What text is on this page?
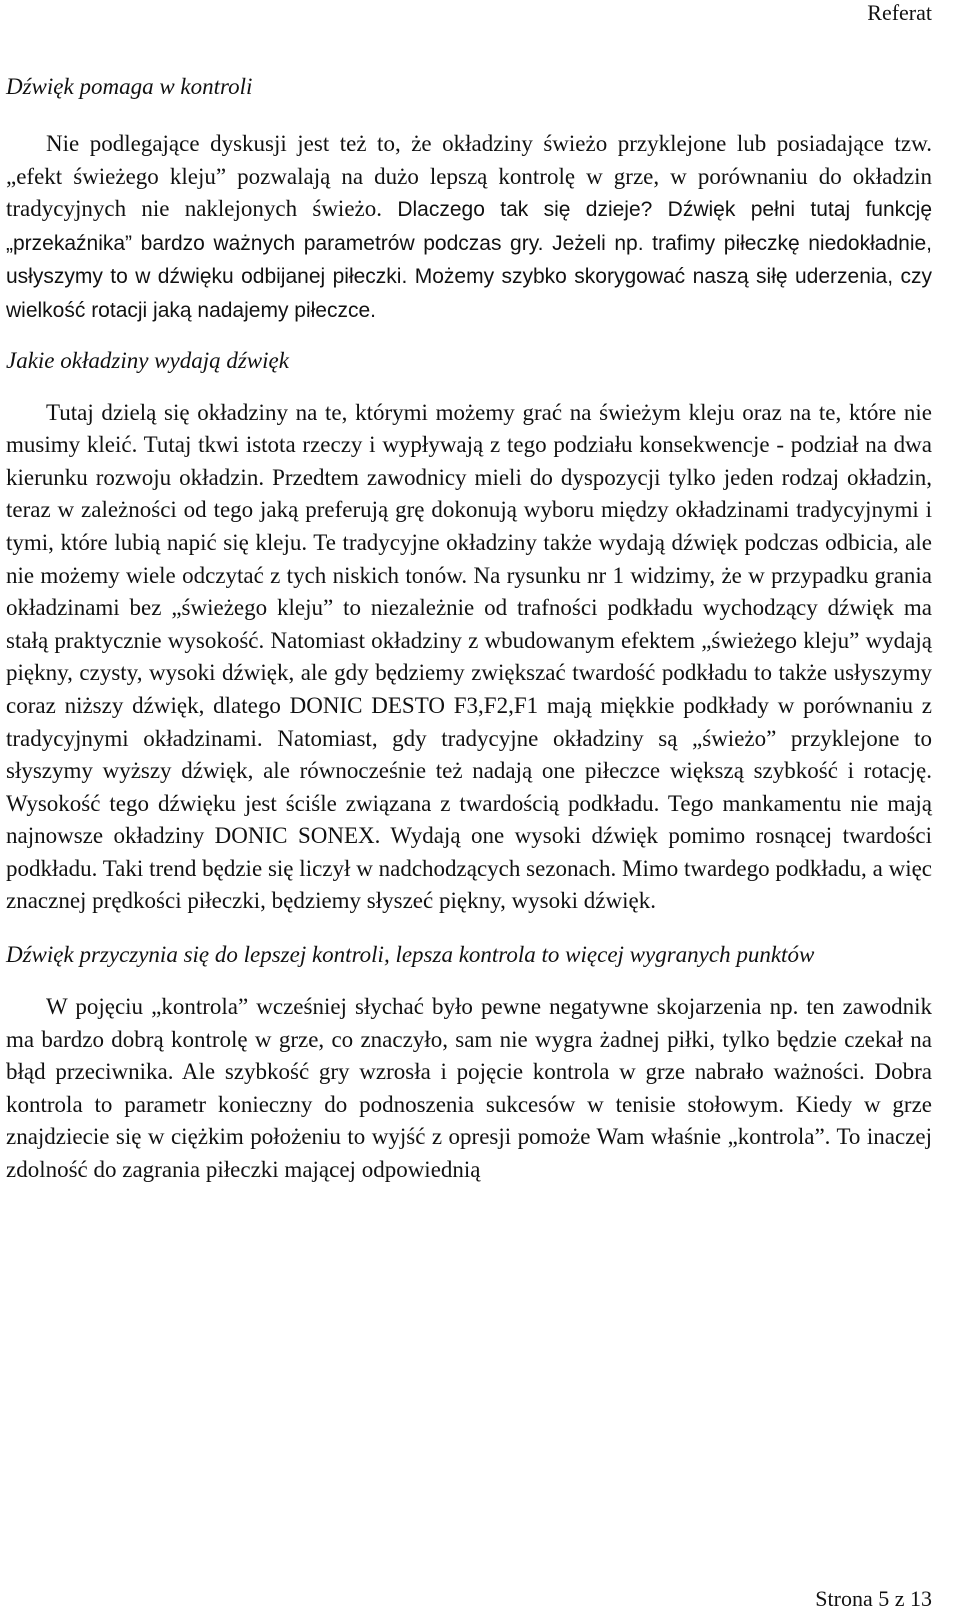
Referat

Dźwięk pomaga w kontroli

Nie podlegające dyskusji jest też to, że okładziny świeżo przyklejone lub posiadające tzw. „efekt świeżego kleju” pozwalają na dużo lepszą kontrolę w grze, w porównaniu do okładzin tradycyjnych nie naklejonych świeżo. Dlaczego tak się dzieje? Dźwięk pełni tutaj funkcję „przekaźnika” bardzo ważnych parametrów podczas gry. Jeżeli np. trafimy piłeczkę niedokładnie, usłyszymy to w dźwięku odbijanej piłeczki. Możemy szybko skorygować naszą siłę uderzenia, czy wielkość rotacji jaką nadajemy piłeczce.

Jakie okładziny wydają dźwięk

Tutaj dzielą się okładziny na te, którymi możemy grać na świeżym kleju oraz na te, które nie musimy kleić. Tutaj tkwi istota rzeczy i wypływają z tego podziału konsekwencje - podział na dwa kierunku rozwoju okładzin. Przedtem zawodnicy mieli do dyspozycji tylko jeden rodzaj okładzin, teraz w zależności od tego jaką preferują grę dokonują wyboru między okładzinami tradycyjnymi i tymi, które lubią napić się kleju. Te tradycyjne okładziny także wydają dźwięk podczas odbicia, ale nie możemy wiele odczytać z tych niskich tonów. Na rysunku nr 1 widzimy, że w przypadku grania okładzinami bez „świeżego kleju” to niezależnie od trafności podkładu wychodzący dźwięk ma stałą praktycznie wysokość. Natomiast okładziny z wbudowanym efektem „świeżego kleju” wydają piękny, czysty, wysoki dźwięk, ale gdy będziemy zwiększać twardość podkładu to także usłyszymy coraz niższy dźwięk, dlatego DONIC DESTO F3,F2,F1 mają miękkie podkłady w porównaniu z tradycyjnymi okładzinami. Natomiast, gdy tradycyjne okładziny są „świeżo” przyklejone to słyszymy wyższy dźwięk, ale równocześnie też nadają one piłeczce większą szybkość i rotację. Wysokość tego dźwięku jest ściśle związana z twardością podkładu. Tego mankamentu nie mają najnowsze okładziny DONIC SONEX. Wydają one wysoki dźwięk pomimo rosnącej twardości podkładu. Taki trend będzie się liczył w nadchodzących sezonach. Mimo twardego podkładu, a więc znacznej prędkości piłeczki, będziemy słyszeć piękny, wysoki dźwięk.

Dźwięk przyczynia się do lepszej kontroli, lepsza kontrola to więcej wygranych punktów

W pojęciu „kontrola” wcześniej słychać było pewne negatywne skojarzenia np. ten zawodnik ma bardzo dobrą kontrolę w grze, co znaczyło, sam nie wygra żadnej piłki, tylko będzie czekał na błąd przeciwnika. Ale szybkość gry wzrosła i pojęcie kontrola w grze nabrało ważności. Dobra kontrola to parametr konieczny do podnoszenia sukcesów w tenisie stołowym. Kiedy w grze znajdziecie się w ciężkim położeniu to wyjść z opresji pomoże Wam właśnie „kontrola”. To inaczej zdolność do zagrania piłeczki mającej odpowiednią

Strona 5 z 13
